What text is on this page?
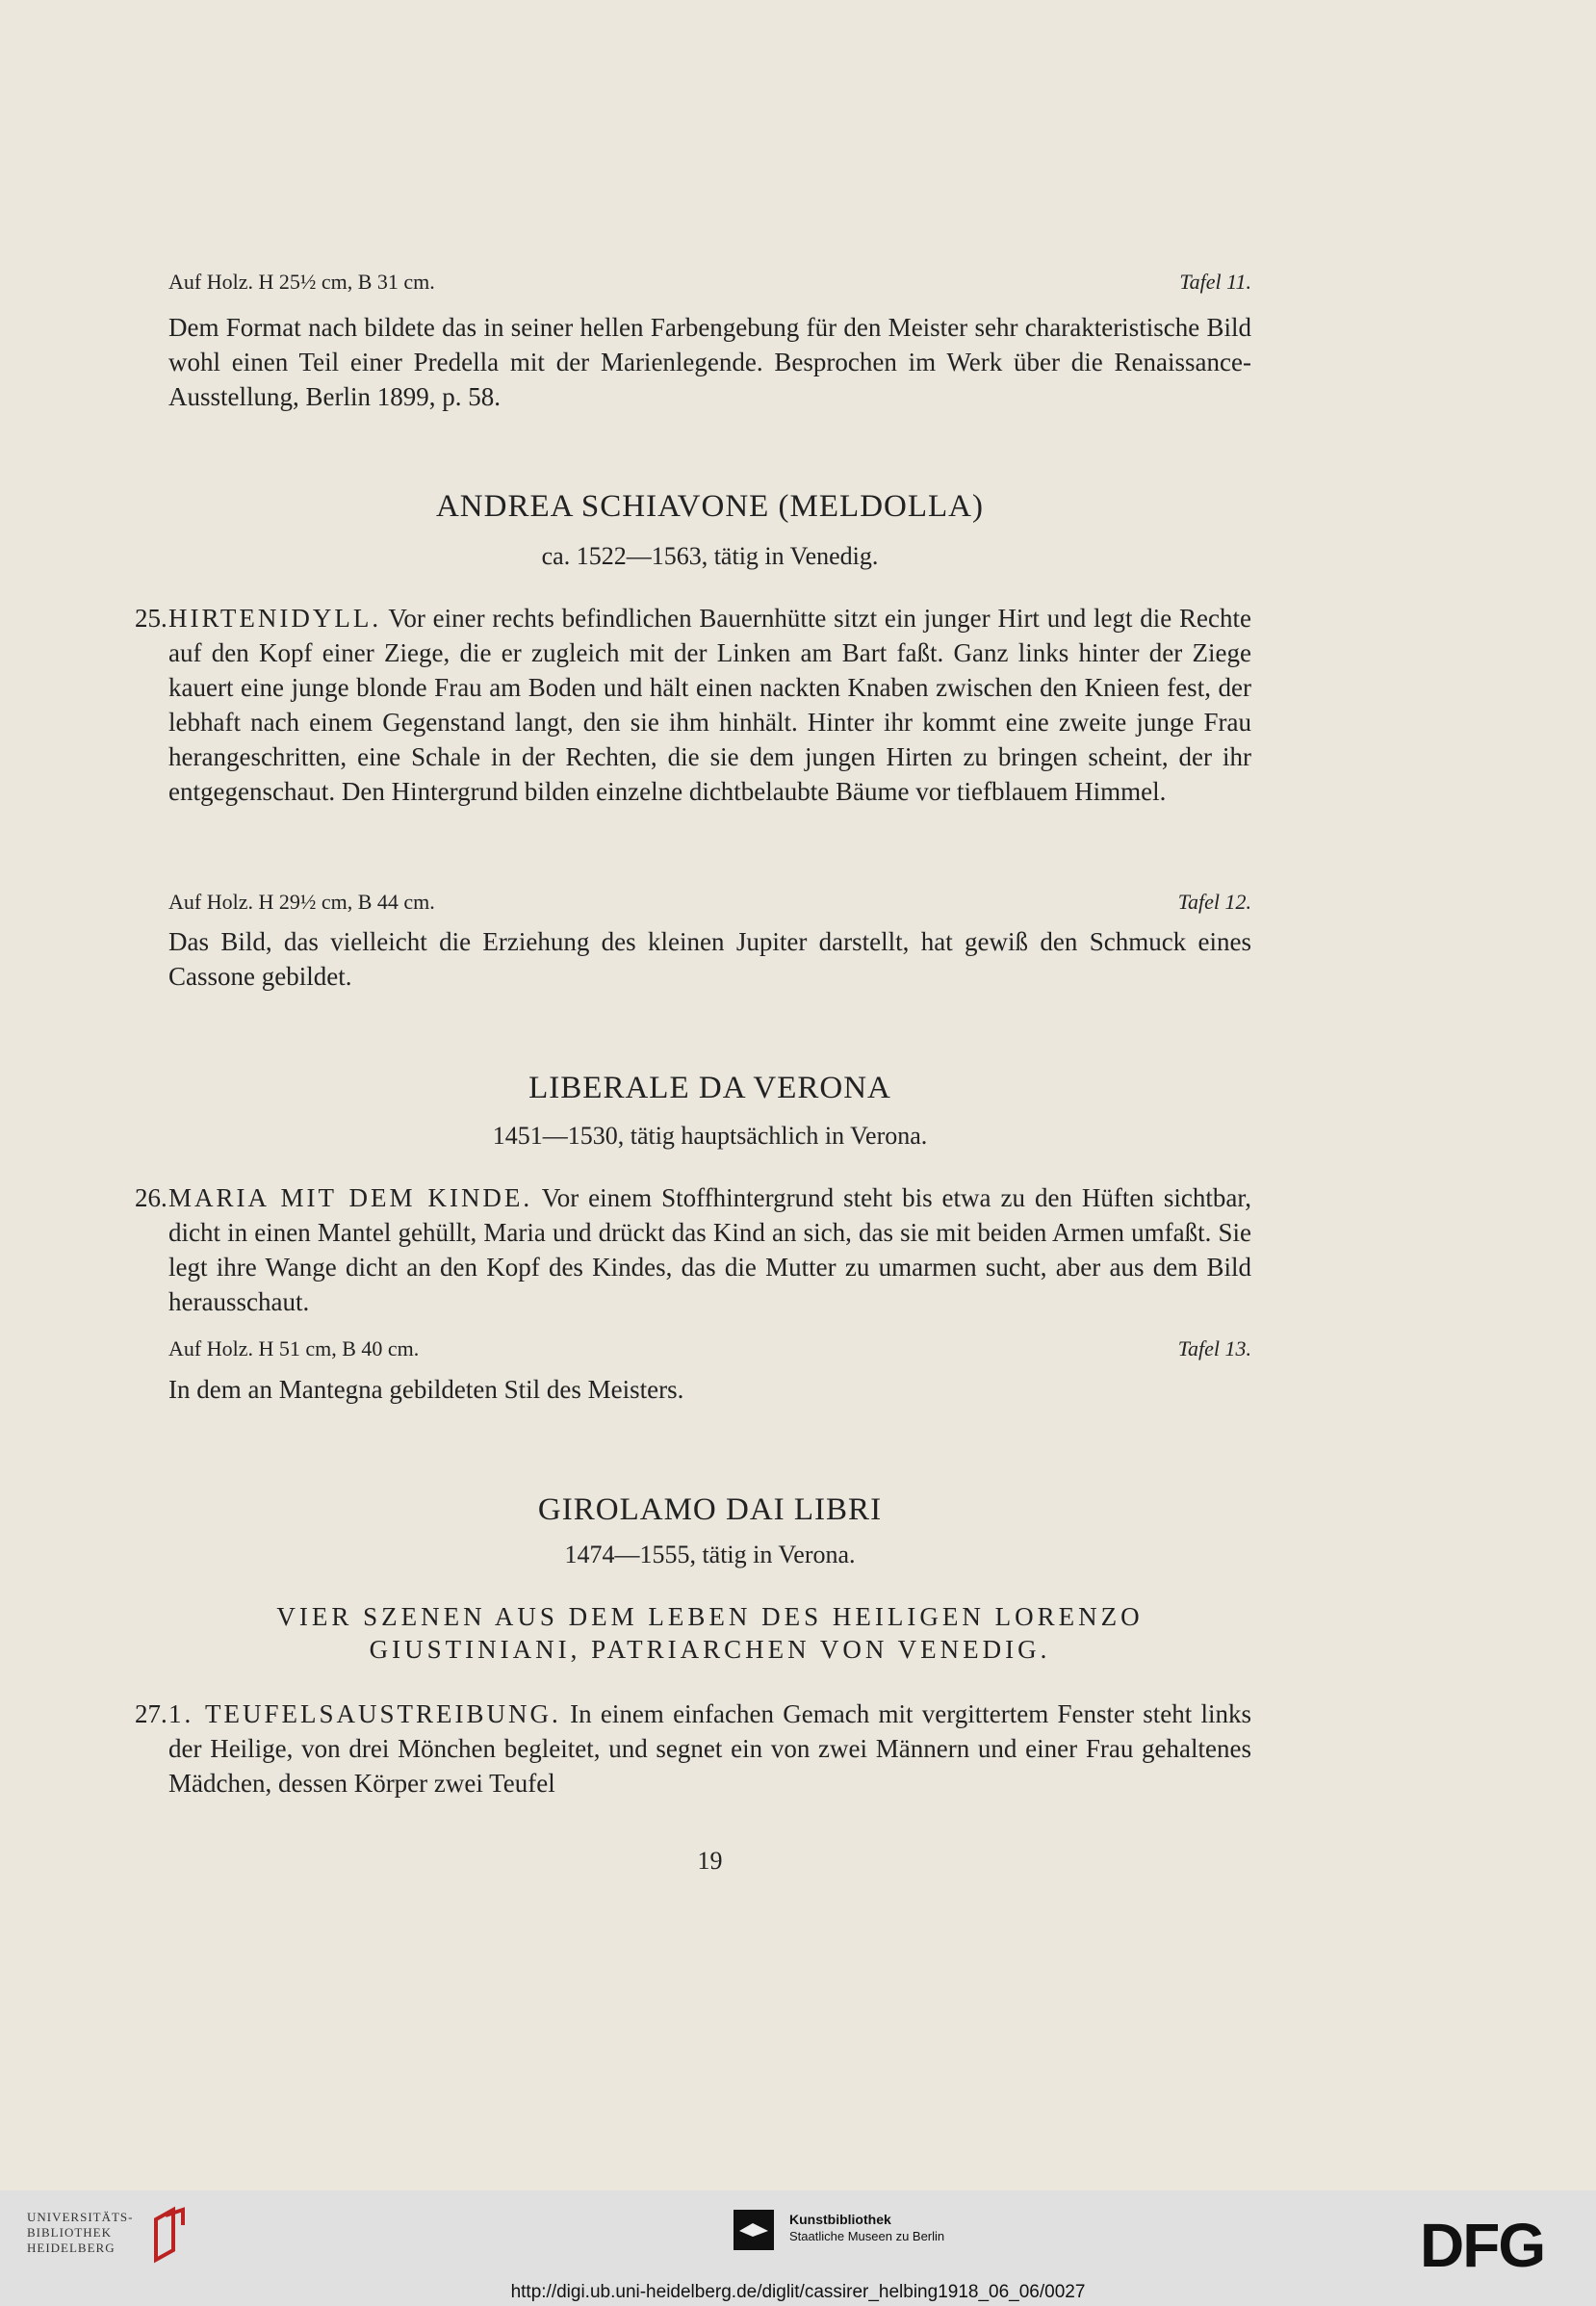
Auf Holz. H 25½ cm, B 31 cm.	Tafel 11.
Dem Format nach bildete das in seiner hellen Farbengebung für den Meister sehr charakteristische Bild wohl einen Teil einer Predella mit der Marienlegende. Besprochen im Werk über die Renaissance-Ausstellung, Berlin 1899, p. 58.
ANDREA SCHIAVONE (MELDOLLA)
ca. 1522—1563, tätig in Venedig.
25. HIRTENIDYLL. Vor einer rechts befindlichen Bauernhütte sitzt ein junger Hirt und legt die Rechte auf den Kopf einer Ziege, die er zugleich mit der Linken am Bart faßt. Ganz links hinter der Ziege kauert eine junge blonde Frau am Boden und hält einen nackten Knaben zwischen den Knieen fest, der lebhaft nach einem Gegenstand langt, den sie ihm hinhält. Hinter ihr kommt eine zweite junge Frau herangeschritten, eine Schale in der Rechten, die sie dem jungen Hirten zu bringen scheint, der ihr entgegenschaut. Den Hintergrund bilden einzelne dichtbelaubte Bäume vor tiefblauem Himmel.
Auf Holz. H 29½ cm, B 44 cm.	Tafel 12.
Das Bild, das vielleicht die Erziehung des kleinen Jupiter darstellt, hat gewiß den Schmuck eines Cassone gebildet.
LIBERALE DA VERONA
1451—1530, tätig hauptsächlich in Verona.
26. MARIA MIT DEM KINDE. Vor einem Stoffhintergrund steht bis etwa zu den Hüften sichtbar, dicht in einen Mantel gehüllt, Maria und drückt das Kind an sich, das sie mit beiden Armen umfaßt. Sie legt ihre Wange dicht an den Kopf des Kindes, das die Mutter zu umarmen sucht, aber aus dem Bild herausschaut.
Auf Holz. H 51 cm, B 40 cm.	Tafel 13.
In dem an Mantegna gebildeten Stil des Meisters.
GIROLAMO DAI LIBRI
1474—1555, tätig in Verona.
VIER SZENEN AUS DEM LEBEN DES HEILIGEN LORENZO
GIUSTINIANI, PATRIARCHEN VON VENEDIG.
27. 1. TEUFELSAUSTREIBUNG. In einem einfachen Gemach mit vergittertem Fenster steht links der Heilige, von drei Mönchen begleitet, und segnet ein von zwei Männern und einer Frau gehaltenes Mädchen, dessen Körper zwei Teufel
19
UNIVERSITÄTS-
BIBLIOTHEK
HEIDELBERG
Kunstbibliothek
Staatliche Museen zu Berlin	DFG
http://digi.ub.uni-heidelberg.de/diglit/cassirer_helbing1918_06_06/0027
